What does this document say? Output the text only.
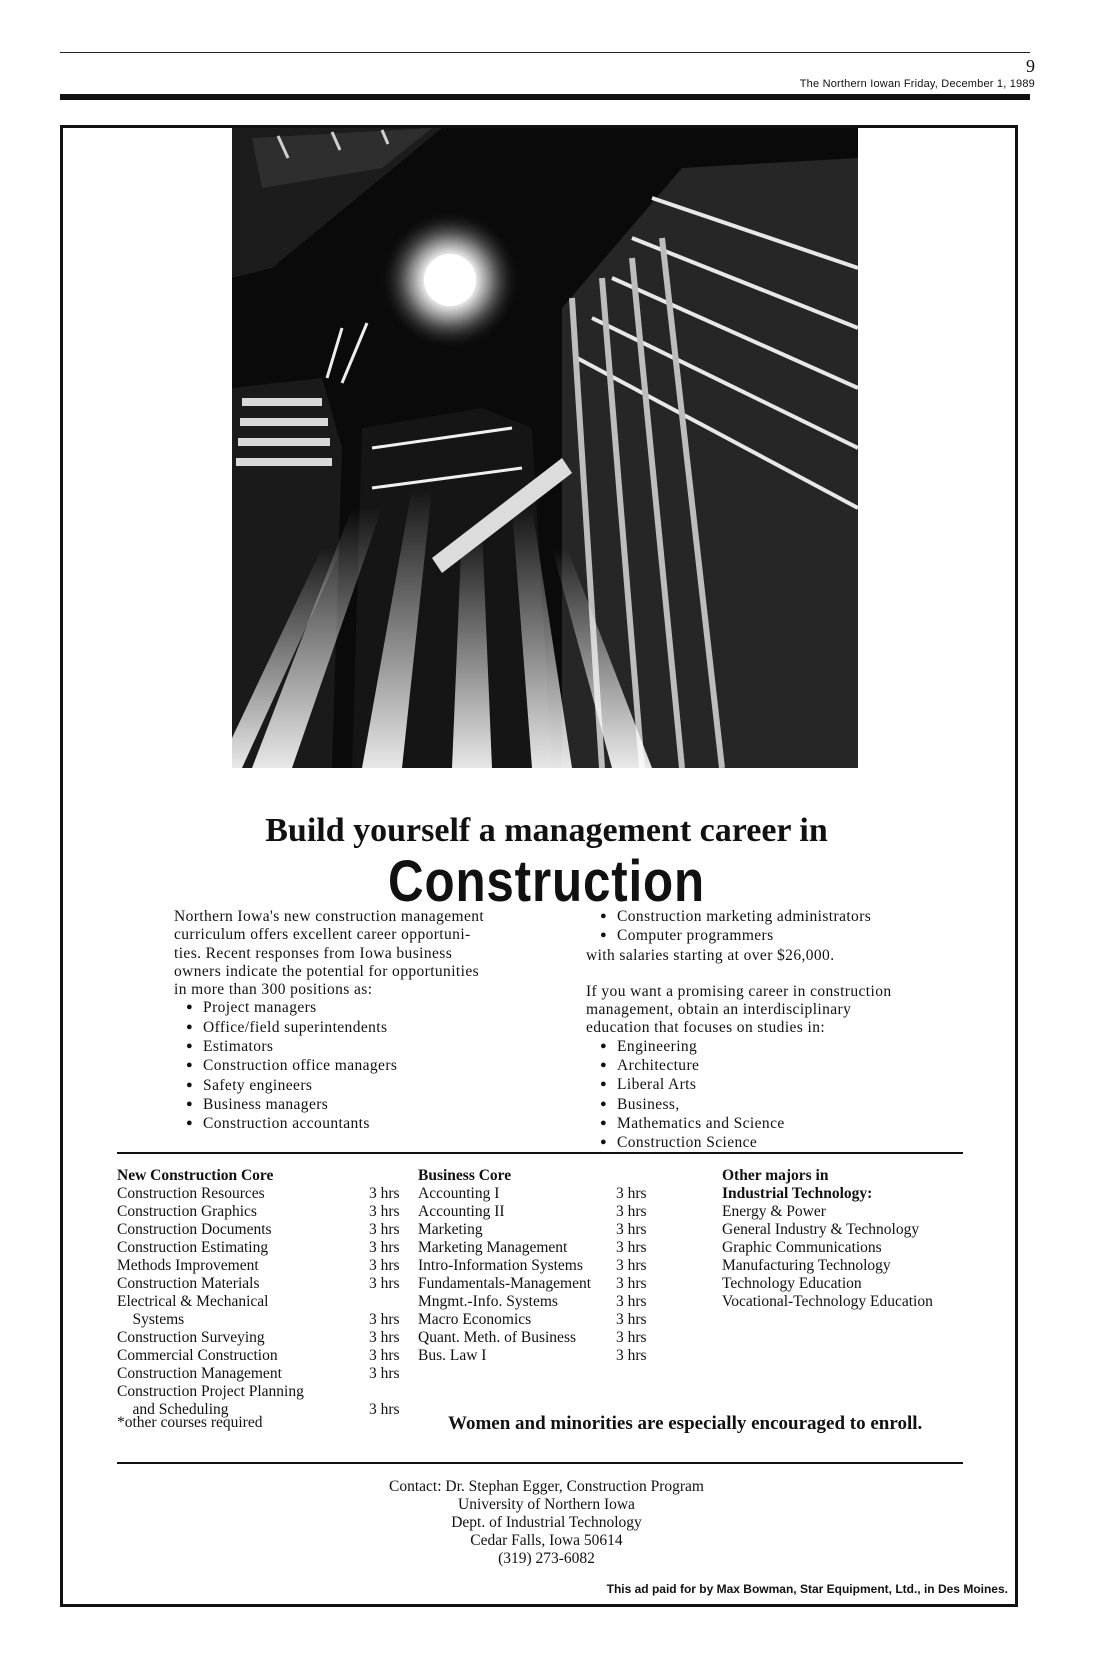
9
The Northern Iowan Friday, December 1, 1989
Build yourself a management career in
Construction
Northern Iowa's new construction management
curriculum offers excellent career opportuni-
ties. Recent responses from Iowa business
owners indicate the potential for opportunities
in more than 300 positions as:
● Project managers
● Office/field superintendents
● Estimators
● Construction office managers
● Safety engineers
● Business managers
● Construction accountants
● Construction marketing administrators
● Computer programmers
with salaries starting at over $26,000.
If you want a promising career in construction
management, obtain an interdisciplinary
education that focuses on studies in:
● Engineering
● Architecture
● Liberal Arts
● Business,
● Mathematics and Science
● Construction Science
New Construction Core
Construction Resources	3 hrs
Construction Graphics	3 hrs
Construction Documents	3 hrs
Construction Estimating	3 hrs
Methods Improvement	3 hrs
Construction Materials	3 hrs
Electrical & Mechanical
Systems	3 hrs
Construction Surveying	3 hrs
Commercial Construction	3 hrs
Construction Management	3 hrs
Construction Project Planning
and Scheduling	3 hrs
*other courses required
Business Core
Accounting I	3 hrs
Accounting II	3 hrs
Marketing	3 hrs
Marketing Management	3 hrs
Intro-Information Systems	3 hrs
Fundamentals-Management	3 hrs
Mngmt.-Info. Systems	3 hrs
Macro Economics	3 hrs
Quant. Meth. of Business	3 hrs
Bus. Law I	3 hrs
Other majors in
Industrial Technology:
Energy & Power
General Industry & Technology
Graphic Communications
Manufacturing Technology
Technology Education
Vocational-Technology Education
Women and minorities are especially encouraged to enroll.
Contact: Dr. Stephan Egger, Construction Program
University of Northern Iowa
Dept. of Industrial Technology
Cedar Falls, Iowa 50614
(319) 273-6082
This ad paid for by Max Bowman, Star Equipment, Ltd., in Des Moines.
